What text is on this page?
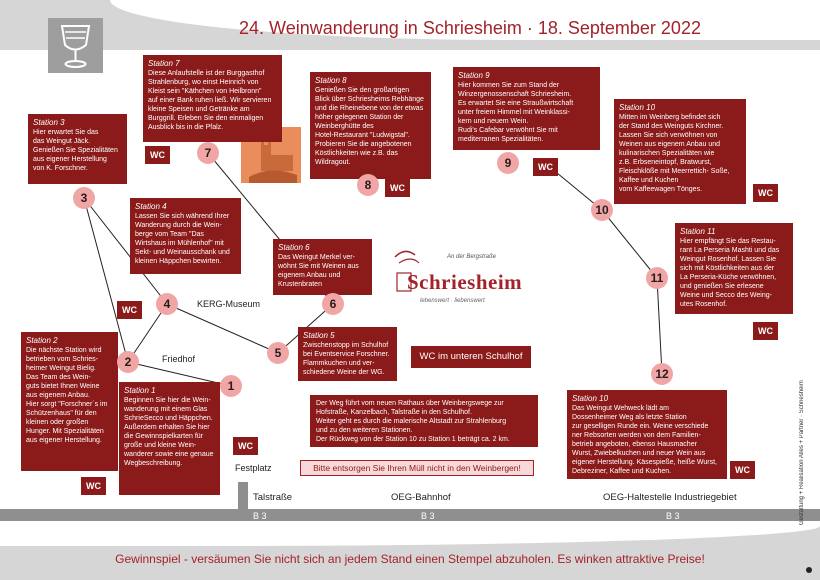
24. Weinwanderung in Schriesheim · 18. September 2022
Station 7
Diese Anlaufstelle ist der Burggasthof
Strahlenburg, wo einst Heinrich von
Kleist sein "Käthchen von Heilbronn"
auf einer Bank ruhen ließ. Wir servieren
kleine Speisen und Getränke am
Burggrill. Erleben Sie den einmaligen
Ausblick bis in die Pfalz.
Station 8
Genießen Sie den großartigen
Blick über Schriesheims Rebhänge
und die Rheinebene von der etwas
höher gelegenen Station der
Weinberghütte des
Hotel-Restaurant "Ludwigstal".
Probieren Sie die angebotenen
Köstlichkeiten wie z.B. das
Wildragout.
Station 9
Hier kommen Sie zum Stand der
Winzergenossenschaft Schriesheim.
Es erwartet Sie eine Straußwirtschaft
unter freiem Himmel mit Weinklassi-
kern und neuem Wein.
Rudi's Cafebar verwöhnt Sie mit
mediterranen Spezialitäten.
Station 10
Mitten im Weinberg befindet sich
der Stand des Weinguts Kirchner.
Lassen Sie sich verwöhnen von
Weinen aus eigenem Anbau und
kulinarischen Spezialitäten wie
z.B. Erbseneintopf, Bratwurst,
Fleischklöße mit Meerrettich- Soße,
Kaffee und Kuchen
vom Kaffeewagen Tönges.
Station 3
Hier erwartet Sie das
das Weingut Jäck.
Genießen Sie Spezialitäten
aus eigener Herstellung
von K. Forschner.
Station 4
Lassen Sie sich während Ihrer
Wanderung durch die Wein-
berge vom Team "Das
Wirtshaus im Mühlenhof" mit
Sekt- und Weinausschank und
kleinen Häppchen bewirten.
Station 6
Das Weingut Merkel ver-
wöhnt Sie mit Weinen aus
eigenem Anbau und
Krustenbraten
Station 5
Zwischenstopp im Schulhof
bei Eventservice Forschner.
Flammkuchen und ver-
schiedene Weine der WG.
Station 11
Hier empfängt Sie das Restau-
rant La Perseria Mashti und das
Weingut Rosenhof. Lassen Sie
sich mit Köstlichkeiten aus der
La Perseria-Küche verwöhnen,
und genießen Sie erlesene
Weine und Secco des Weing-
utes Rosenhof.
Station 2
Die nächste Station wird
betrieben vom Schries-
heimer Weingut Bielig.
Das Team des Wein-
guts bietet Ihnen Weine
aus eigenem Anbau.
Hier sorgt "Forschner´s im
Schützenhaus" für den
kleinen oder großen
Hunger. Mit Spezialitäten
aus eigener Herstellung.
Station 1
Beginnen Sie hier die Wein-
wanderung mit einem Glas
SchrieSecco und Häppchen.
Außerdem erhalten Sie hier
die Gewinnspielkarten für
große und kleine Wein-
wanderer sowie eine genaue
Wegbeschreibung.
Station 10
Das Weingut Wehweck lädt am
Dossenheimer Weg als letzte Station
zur geselligen Runde ein. Weine verschiede
ner Rebsorten werden von dem Familien-
betrieb angeboten, ebenso Hausmacher
Wurst, Zwiebelkuchen und neuer Wein aus
eigener Herstellung. Käsespieße, heiße Wurst,
Debreziner, Kaffee und Kuchen.
3
7
8
9
10
4	6
11
5
2
1
12
WC
WC
WC
WC
WC
WC
WC
WC
WC
KERG-Museum
Friedhof
Festplatz
An der Bergstraße
Schriesheim
lebenswert · liebenswert
WC im unteren Schulhof
Der Weg führt vom neuen Rathaus über Weinbergswege zur
Hofstraße, Kanzelbach, Talstraße in den Schulhof.
Weiter geht es durch die malerische Altstadt zur Strahlenburg
und zu den weiteren Stationen.
Der Rückweg von der Station 10 zu Station 1 beträgt ca. 2 km.
Bitte entsorgen Sie Ihren Müll nicht in den Weinbergen!
B 3	B 3	B 3
Talstraße	OEG-Bahnhof	OEG-Haltestelle Industriegebiet
Gewinnspiel - versäumen Sie nicht sich an jedem Stand einen Stempel abzuholen. Es winken attraktive Preise!
Gestaltung + Realisation Alles + Partner · Schriesheim
